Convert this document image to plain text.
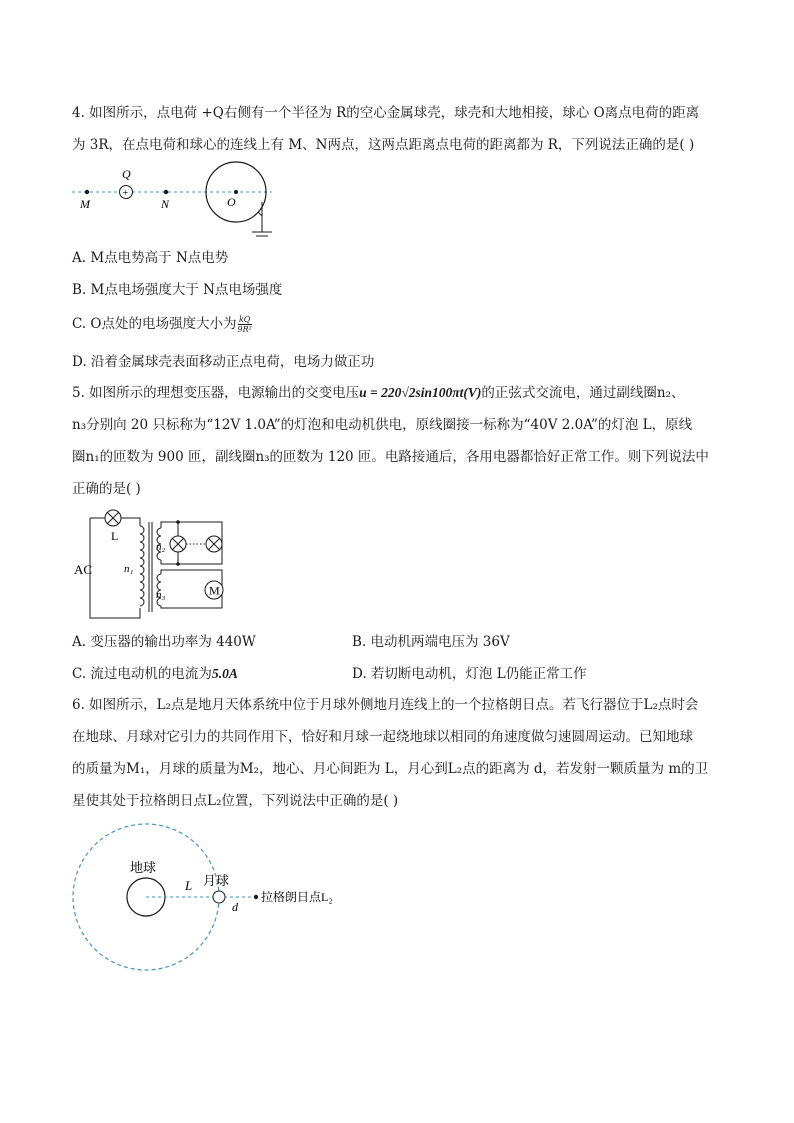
4. 如图所示，点电荷 +Q右侧有一个半径为 R的空心金属球壳，球壳和大地相接，球心 O离点电荷的距离
为 3R，在点电荷和球心的连线上有 M、N两点，这两点距离点电荷的距离都为 R，下列说法正确的是( )
M
+
Q
N	O
A. M点电势高于 N点电势
B. M点电场强度大于 N点电场强度
C. O点处的电场强度大小为 $\frac{kQ}{\text{9R²}}$
D. 沿着金属球壳表面移动正点电荷，电场力做正功
5. 如图所示的理想变压器，电源输出的交变电压u = 220√2sin100πt(V)的正弦式交流电，通过副线圈n₂、
n₃分别向 20 只标称为“12V 1.0A”的灯泡和电动机供电，原线圈接一标称为“40V 2.0A”的灯泡 L，原线
圈n₁的匝数为 900 匝，副线圈n₃的匝数为 120 匝。电路接通后，各用电器都恰好正常工作。则下列说法中
正确的是( )
L
AC	n₁
n₂
n₃	M
A. 变压器的输出功率为 440W	B. 电动机两端电压为 36V
C. 流过电动机的电流为5.0A	D. 若切断电动机，灯泡 L仍能正常工作
6. 如图所示，L₂点是地月天体系统中位于月球外侧地月连线上的一个拉格朗日点。若飞行器位于L₂点时会
在地球、月球对它引力的共同作用下，恰好和月球一起绕地球以相同的角速度做匀速圆周运动。已知地球
的质量为M₁，月球的质量为M₂，地心、月心间距为 L，月心到L₂点的距离为 d，若发射一颗质量为 m的卫
星使其处于拉格朗日点L₂位置，下列说法中正确的是( )
地球
L 月球
d
拉格朗日点L₂
